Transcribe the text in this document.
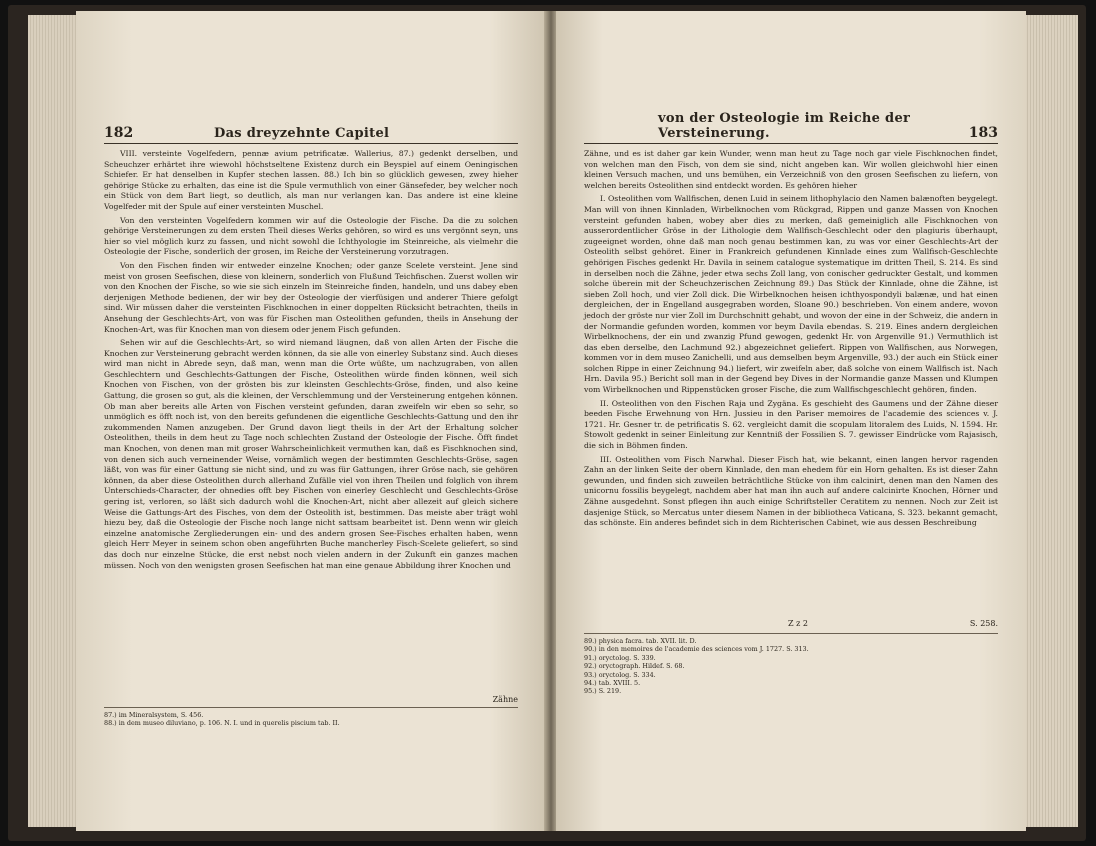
182	Das dreyzehnte Capitel

VIII. versteinte Vogelfedern, pennæ avium petrificatæ. Wallerius, 87.) gedenkt derselben, und Scheuchzer erhärtet ihre wiewohl höchstseltene Existenz durch ein Beyspiel auf einem Oeningischen Schiefer. Er hat denselben in Kupfer stechen lassen. 88.) Ich bin so glücklich gewesen, zwey hieher gehörige Stücke zu erhalten, das eine ist die Spule vermuthlich von einer Gänsefeder, bey welcher noch ein Stück von dem Bart liegt, so deutlich, als man nur verlangen kan. Das andere ist eine kleine Vogelfeder mit der Spule auf einer versteinten Muschel.

Von den versteinten Vogelfedern kommen wir auf die Osteologie der Fische. Da die zu solchen gehörige Versteinerungen zu dem ersten Theil dieses Werks gehören, so wird es uns vergönnt seyn, uns hier so viel möglich kurz zu fassen, und nicht sowohl die Ichthyologie im Steinreiche, als vielmehr die Osteologie der Fische, sonderlich der grosen, im Reiche der Versteinerung vorzutragen.

Von den Fischen finden wir entweder einzelne Knochen; oder ganze Scelete versteint. Jene sind meist von grosen Seefischen, diese von kleinern, sonderlich von Flußund Teichfischen. Zuerst wollen wir von den Knochen der Fische, so wie sie sich einzeln im Steinreiche finden, handeln, und uns dabey eben derjenigen Methode bedienen, der wir bey der Osteologie der vierfüsigen und anderer Thiere gefolgt sind. Wir müssen daher die versteinten Fischknochen in einer doppelten Rücksicht betrachten, theils in Ansehung der Geschlechts-Art, von was für Fischen man Osteolithen gefunden, theils in Ansehung der Knochen-Art, was für Knochen man von diesem oder jenem Fisch gefunden.

Sehen wir auf die Geschlechts-Art, so wird niemand läugnen, daß von allen Arten der Fische die Knochen zur Versteinerung gebracht werden können, da sie alle von einerley Substanz sind. Auch dieses wird man nicht in Abrede seyn, daß man, wenn man die Orte wüßte, um nachzugraben, von allen Geschlechtern und Geschlechts-Gattungen der Fische, Osteolithen würde finden können, weil sich Knochen von Fischen, von der grösten bis zur kleinsten Geschlechts-Gröse, finden, und also keine Gattung, die grosen so gut, als die kleinen, der Verschlemmung und der Versteinerung entgehen können. Ob man aber bereits alle Arten von Fischen versteint gefunden, daran zweifeln wir eben so sehr, so unmöglich es öfft noch ist, von den bereits gefundenen die eigentliche Geschlechts-Gattung und den ihr zukommenden Namen anzugeben. Der Grund davon liegt theils in der Art der Erhaltung solcher Osteolithen, theils in dem heut zu Tage noch schlechten Zustand der Osteologie der Fische. Öfft findet man Knochen, von denen man mit groser Wahrscheinlichkeit vermuthen kan, daß es Fischknochen sind, von denen sich auch verneinender Weise, vornämlich wegen der bestimmten Geschlechts-Gröse, sagen läßt, von was für einer Gattung sie nicht sind, und zu was für Gattungen, ihrer Gröse nach, sie gehören können, da aber diese Osteolithen durch allerhand Zufälle viel von ihren Theilen und folglich von ihrem Unterschieds-Character, der ohnedies offt bey Fischen von einerley Geschlecht und Geschlechts-Gröse gering ist, verloren, so läßt sich dadurch wohl die Knochen-Art, nicht aber allezeit auf gleich sichere Weise die Gattungs-Art des Fisches, von dem der Osteolith ist, bestimmen. Das meiste aber trägt wohl hiezu bey, daß die Osteologie der Fische noch lange nicht sattsam bearbeitet ist. Denn wenn wir gleich einzelne anatomische Zergliederungen ein- und des andern grosen See-Fisches erhalten haben, wenn gleich Herr Meyer in seinem schon oben angeführten Buche mancherley Fisch-Scelete geliefert, so sind das doch nur einzelne Stücke, die erst nebst noch vielen andern in der Zukunft ein ganzes machen müssen. Noch von den wenigsten grosen Seefischen hat man eine genaue Abbildung ihrer Knochen und

Zähne
87.) im Mineralsystem, S. 456.
88.) in dem museo diluviano, p. 106. N. I. und in querelis piscium tab. II.
von der Osteologie im Reiche der Versteinerung.	183

Zähne, und es ist daher gar kein Wunder, wenn man heut zu Tage noch gar viele Fischknochen findet, von welchen man den Fisch, von dem sie sind, nicht angeben kan. Wir wollen gleichwohl hier einen kleinen Versuch machen, und uns bemühen, ein Verzeichniß von den grosen Seefischen zu liefern, von welchen bereits Osteolithen sind entdeckt worden. Es gehören hieher

I. Osteolithen vom Wallfischen, denen Luid in seinem lithophylacio den Namen balænoften beygelegt. Man will von ihnen Kinnladen, Wirbelknochen vom Rückgrad, Rippen und ganze Massen von Knochen versteint gefunden haben, wobey aber dies zu merken, daß gemeiniglich alle Fischknochen von ausserordentlicher Gröse in der Lithologie dem Wallfisch-Geschlecht oder den plagiuris überhaupt, zugeeignet worden, ohne daß man noch genau bestimmen kan, zu was vor einer Geschlechts-Art der Osteolith selbst gehöret. Einer in Frankreich gefundenen Kinnlade eines zum Wallfisch-Geschlechte gehörigen Fisches gedenkt Hr. Davila in seinem catalogue systematique im dritten Theil, S. 214. Es sind in derselben noch die Zähne, jeder etwa sechs Zoll lang, von conischer gedruckter Gestalt, und kommen solche überein mit der Scheuchzerischen Zeichnung 89.) Das Stück der Kinnlade, ohne die Zähne, ist sieben Zoll hoch, und vier Zoll dick. Die Wirbelknochen heisen ichthyospondyli balænæ, und hat einen dergleichen, der in Engelland ausgegraben worden, Sloane 90.) beschrieben. Von einem andere, wovon jedoch der gröste nur vier Zoll im Durchschnitt gehabt, und wovon der eine in der Schweiz, die andern in der Normandie gefunden worden, kommen vor beym Davila ebendas. S. 219. Eines andern dergleichen Wirbelknochens, der ein und zwanzig Pfund gewogen, gedenkt Hr. von Argenville 91.) Vermuthlich ist das eben derselbe, den Lachmund 92.) abgezeichnet geliefert. Rippen von Wallfischen, aus Norwegen, kommen vor in dem museo Zanichelli, und aus demselben beym Argenville, 93.) der auch ein Stück einer solchen Rippe in einer Zeichnung 94.) liefert, wir zweifeln aber, daß solche von einem Wallfisch ist. Nach Hrn. Davila 95.) Bericht soll man in der Gegend bey Dives in der Normandie ganze Massen und Klumpen vom Wirbelknochen und Rippenstücken groser Fische, die zum Wallfischgeschlecht gehören, finden.

II. Osteolithen von den Fischen Raja und Zygäna. Es geschieht des Gaumens und der Zähne dieser beeden Fische Erwehnung von Hrn. Jussieu in den Pariser memoires de l'academie des sciences v. J. 1721. Hr. Gesner tr. de petrificatis S. 62. vergleicht damit die scopulam litoralem des Luids, N. 1594. Hr. Stowolt gedenkt in seiner Einleitung zur Kenntniß der Fossilien S. 7. gewisser Eindrücke vom Rajasisch, die sich in Böhmen finden.

III. Osteolithen vom Fisch Narwhal. Dieser Fisch hat, wie bekannt, einen langen hervor ragenden Zahn an der linken Seite der obern Kinnlade, den man ehedem für ein Horn gehalten. Es ist dieser Zahn gewunden, und finden sich zuweilen beträchtliche Stücke von ihm calcinirt, denen man den Namen des unicornu fossilis beygelegt, nachdem aber hat man ihn auch auf andere calcinirte Knochen, Hörner und Zähne ausgedehnt. Sonst pflegen ihn auch einige Schriftsteller Ceratitem zu nennen. Noch zur Zeit ist dasjenige Stück, so Mercatus unter diesem Namen in der bibliotheca Vaticana, S. 323. bekannt gemacht, das schönste. Ein anderes befindet sich in dem Richterischen Cabinet, wie aus dessen Beschreibung

Z z 2	S. 258.
89.) physica facra. tab. XVII. lit. D.
90.) in den memoires de l'academie des sciences vom J. 1727. S. 313.
91.) oryctolog. S. 339.
92.) oryctograph. Hildef. S. 68.
93.) oryctolog. S. 334.
94.) tab. XVIII. 5.
95.) S. 219.
